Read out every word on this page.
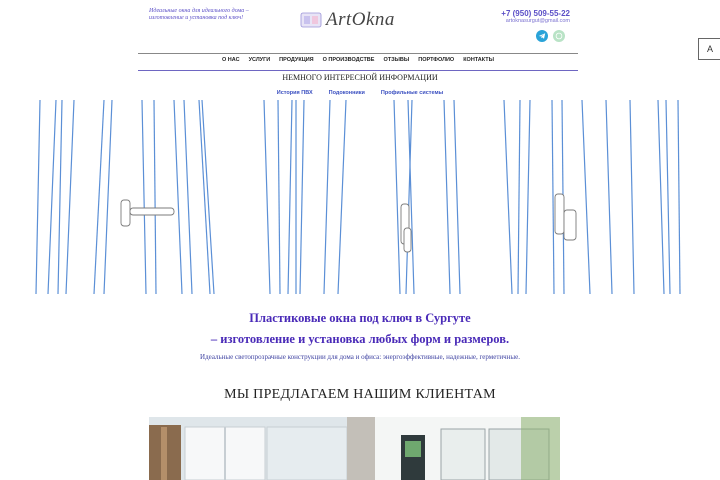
Идеальные окна для идеального дома – изготовление и установка под ключ!	ArtOkna	+7 (950) 509-55-22
artoknasurgut@gmail.com
О НАС УСЛУГИ ПРОДУКЦИЯ О ПРОИЗВОДСТВЕ ОТЗЫВЫ ПОРТФОЛИО КОНТАКТЫ
НЕМНОГО ИНТЕРЕСНОЙ ИНФОРМАЦИИ
История ПВХ	Подоконники	Профильные системы
Пластиковые окна под ключ в Сургуте
– изготовление и установка любых форм и размеров.
Идеальные светопрозрачные конструкции для дома и офиса: энергоэффективные, надежные, герметичные.
МЫ ПРЕДЛАГАЕМ НАШИМ КЛИЕНТАМ
A
